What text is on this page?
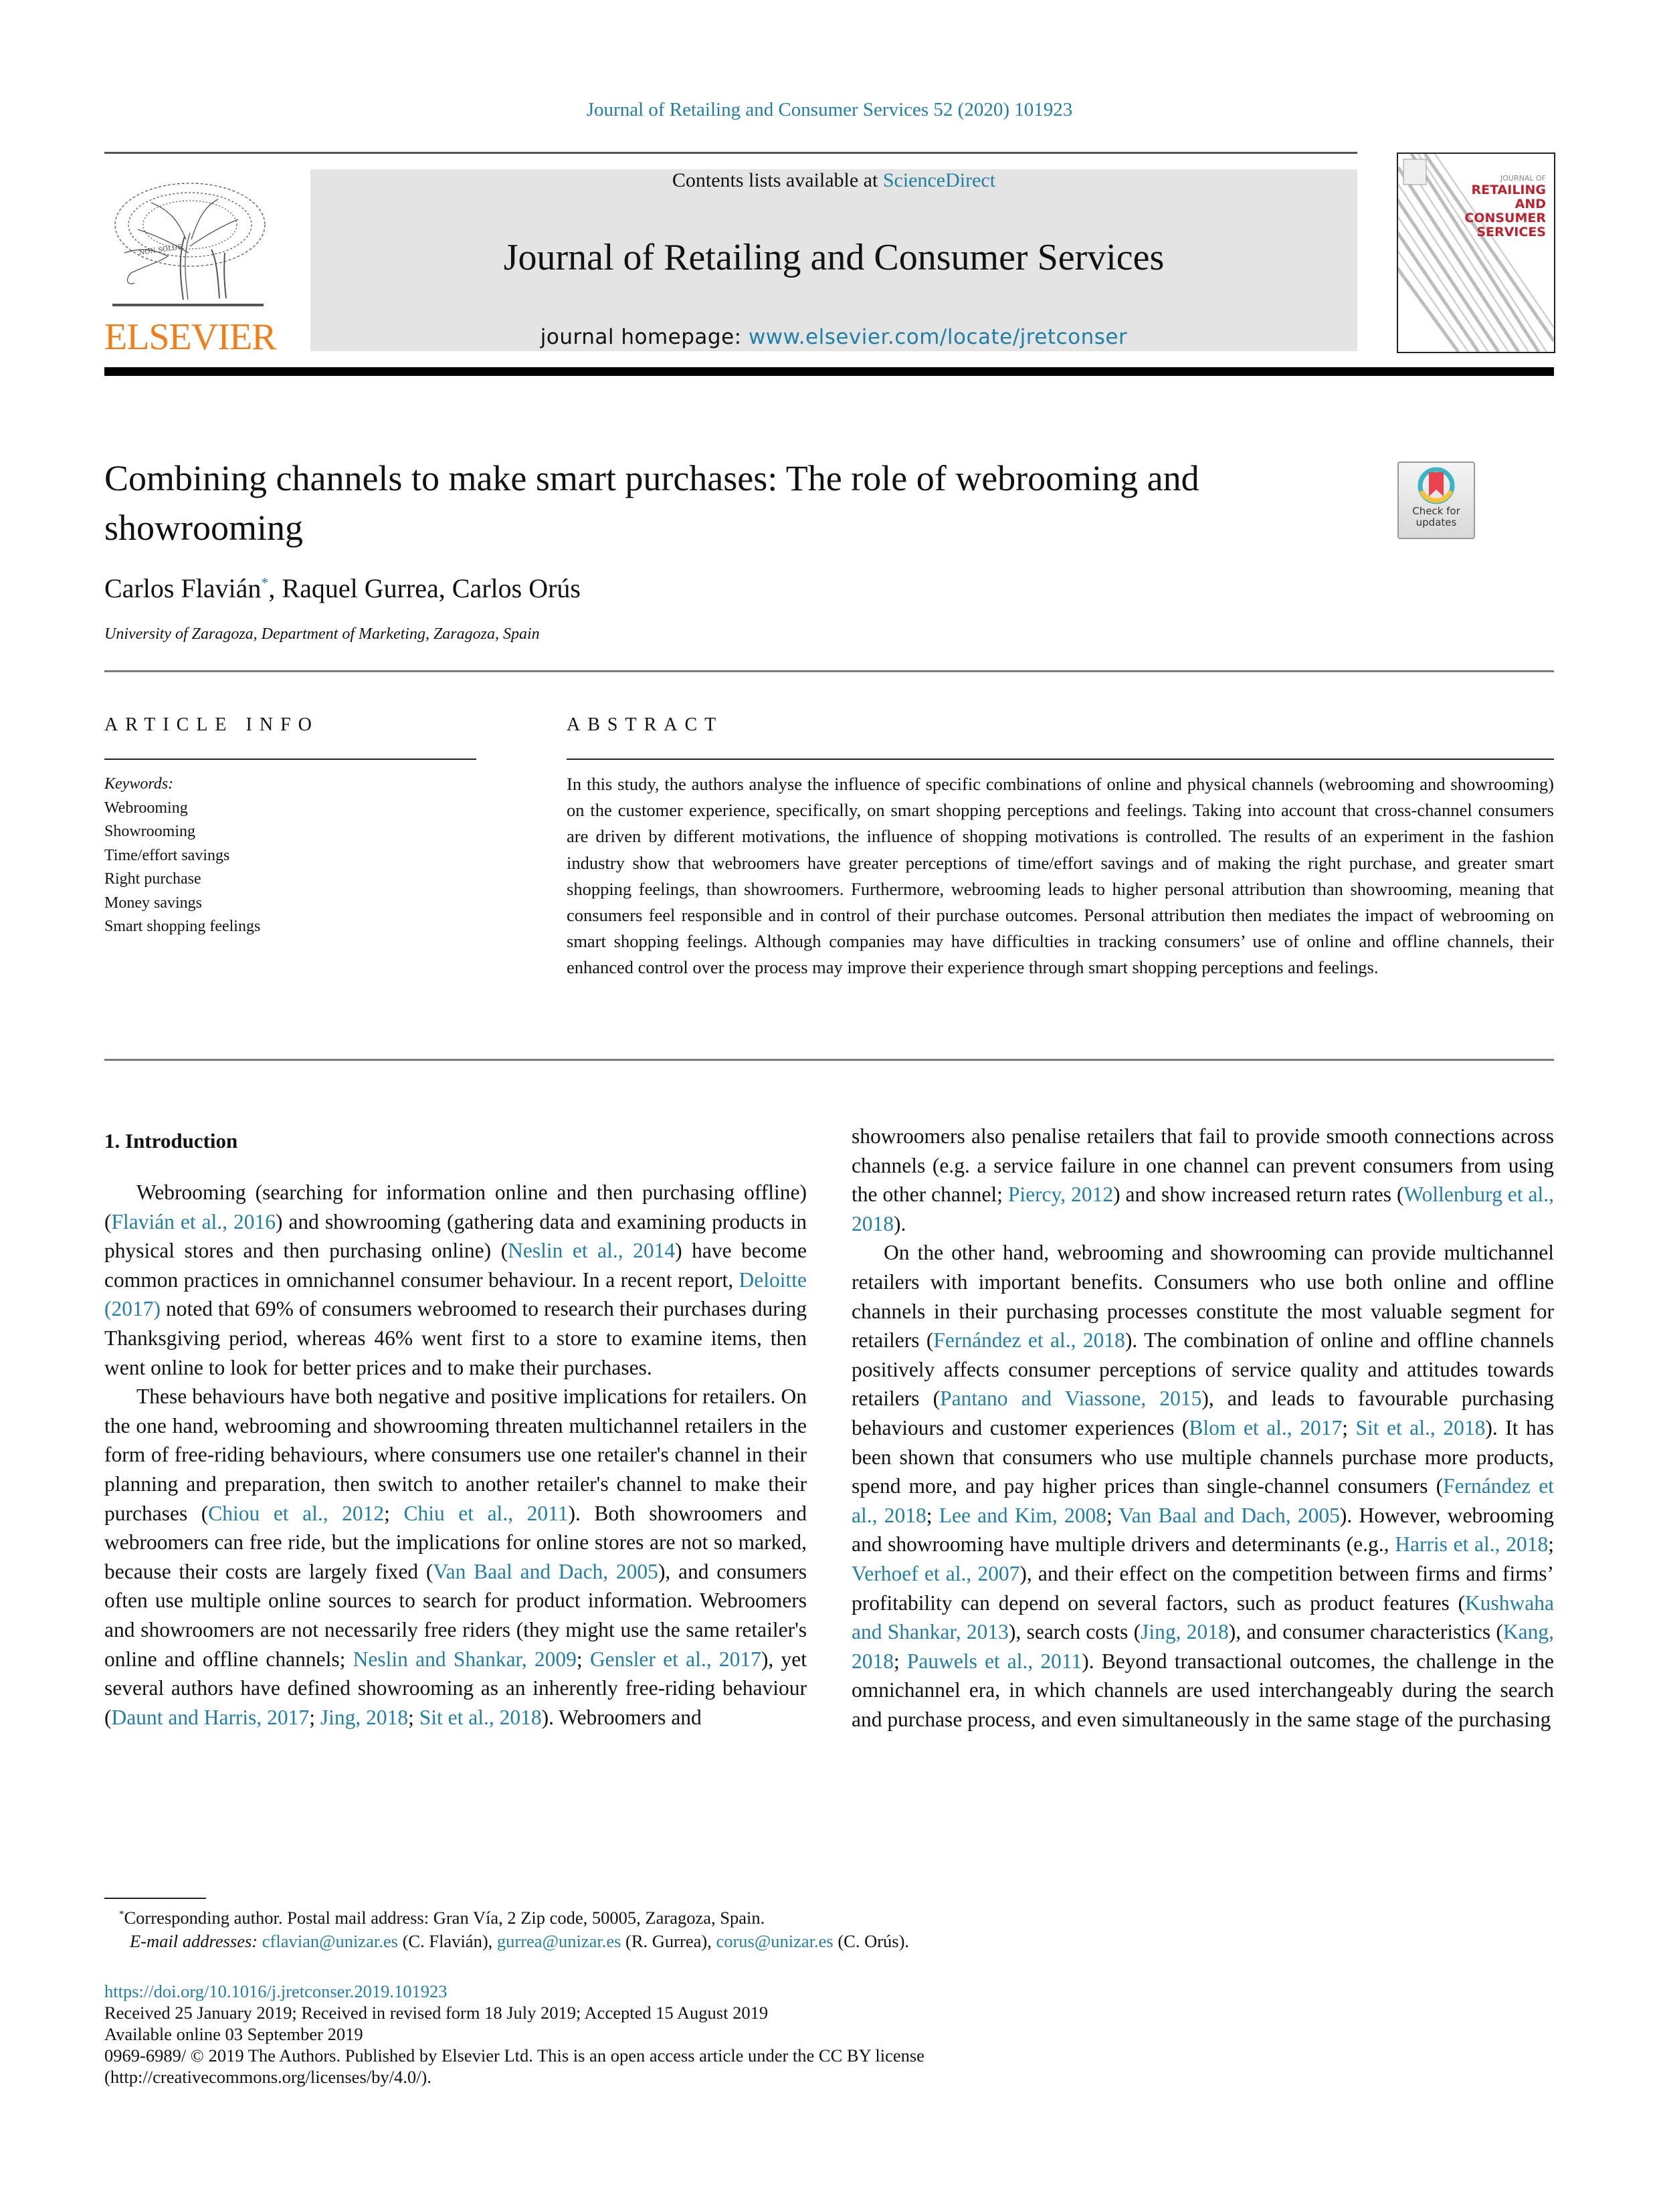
Journal of Retailing and Consumer Services 52 (2020) 101923
NON SOLUS
ELSEVIER
Contents lists available at ScienceDirect
Journal of Retailing and Consumer Services
journal homepage: www.elsevier.com/locate/jretconser
JOURNAL OF
RETAILING
AND
CONSUMER
SERVICES
Combining channels to make smart purchases: The role of webrooming and showrooming	Check for
updates
Carlos Flavián*, Raquel Gurrea, Carlos Orús
University of Zaragoza, Department of Marketing, Zaragoza, Spain
ARTICLE INFO
Keywords:
Webrooming
Showrooming
Time/effort savings
Right purchase
Money savings
Smart shopping feelings
ABSTRACT
In this study, the authors analyse the influence of specific combinations of online and physical channels (webrooming and showrooming) on the customer experience, specifically, on smart shopping perceptions and feelings. Taking into account that cross-channel consumers are driven by different motivations, the influence of shopping motivations is controlled. The results of an experiment in the fashion industry show that webroomers have greater perceptions of time/effort savings and of making the right purchase, and greater smart shopping feelings, than showroomers. Furthermore, webrooming leads to higher personal attribution than showrooming, meaning that consumers feel responsible and in control of their purchase outcomes. Personal attribution then mediates the impact of webrooming on smart shopping feelings. Although companies may have difficulties in tracking consumers’ use of online and offline channels, their enhanced control over the process may improve their experience through smart shopping perceptions and feelings.
1. Introduction

Webrooming (searching for information online and then purchasing offline) (Flavián et al., 2016) and showrooming (gathering data and examining products in physical stores and then purchasing online) (Neslin et al., 2014) have become common practices in omnichannel consumer behaviour. In a recent report, Deloitte (2017) noted that 69% of consumers webroomed to research their purchases during Thanksgiving period, whereas 46% went first to a store to examine items, then went online to look for better prices and to make their purchases.

These behaviours have both negative and positive implications for retailers. On the one hand, webrooming and showrooming threaten multichannel retailers in the form of free-riding behaviours, where consumers use one retailer's channel in their planning and preparation, then switch to another retailer's channel to make their purchases (Chiou et al., 2012; Chiu et al., 2011). Both showroomers and webroomers can free ride, but the implications for online stores are not so marked, because their costs are largely fixed (Van Baal and Dach, 2005), and consumers often use multiple online sources to search for product information. Webroomers and showroomers are not necessarily free riders (they might use the same retailer's online and offline channels; Neslin and Shankar, 2009; Gensler et al., 2017), yet several authors have defined showrooming as an inherently free-riding behaviour (Daunt and Harris, 2017; Jing, 2018; Sit et al., 2018). Webroomers and

showroomers also penalise retailers that fail to provide smooth connections across channels (e.g. a service failure in one channel can prevent consumers from using the other channel; Piercy, 2012) and show increased return rates (Wollenburg et al., 2018).

On the other hand, webrooming and showrooming can provide multichannel retailers with important benefits. Consumers who use both online and offline channels in their purchasing processes constitute the most valuable segment for retailers (Fernández et al., 2018). The combination of online and offline channels positively affects consumer perceptions of service quality and attitudes towards retailers (Pantano and Viassone, 2015), and leads to favourable purchasing behaviours and customer experiences (Blom et al., 2017; Sit et al., 2018). It has been shown that consumers who use multiple channels purchase more products, spend more, and pay higher prices than single-channel consumers (Fernández et al., 2018; Lee and Kim, 2008; Van Baal and Dach, 2005). However, webrooming and showrooming have multiple drivers and determinants (e.g., Harris et al., 2018; Verhoef et al., 2007), and their effect on the competition between firms and firms’ profitability can depend on several factors, such as product features (Kushwaha and Shankar, 2013), search costs (Jing, 2018), and consumer characteristics (Kang, 2018; Pauwels et al., 2011). Beyond transactional outcomes, the challenge in the omnichannel era, in which channels are used interchangeably during the search and purchase process, and even simultaneously in the same stage of the purchasing

*Corresponding author. Postal mail address: Gran Vía, 2 Zip code, 50005, Zaragoza, Spain.
E-mail addresses: cflavian@unizar.es (C. Flavián), gurrea@unizar.es (R. Gurrea), corus@unizar.es (C. Orús).
https://doi.org/10.1016/j.jretconser.2019.101923
Received 25 January 2019; Received in revised form 18 July 2019; Accepted 15 August 2019
Available online 03 September 2019
0969-6989/ © 2019 The Authors. Published by Elsevier Ltd. This is an open access article under the CC BY license
(http://creativecommons.org/licenses/by/4.0/).
